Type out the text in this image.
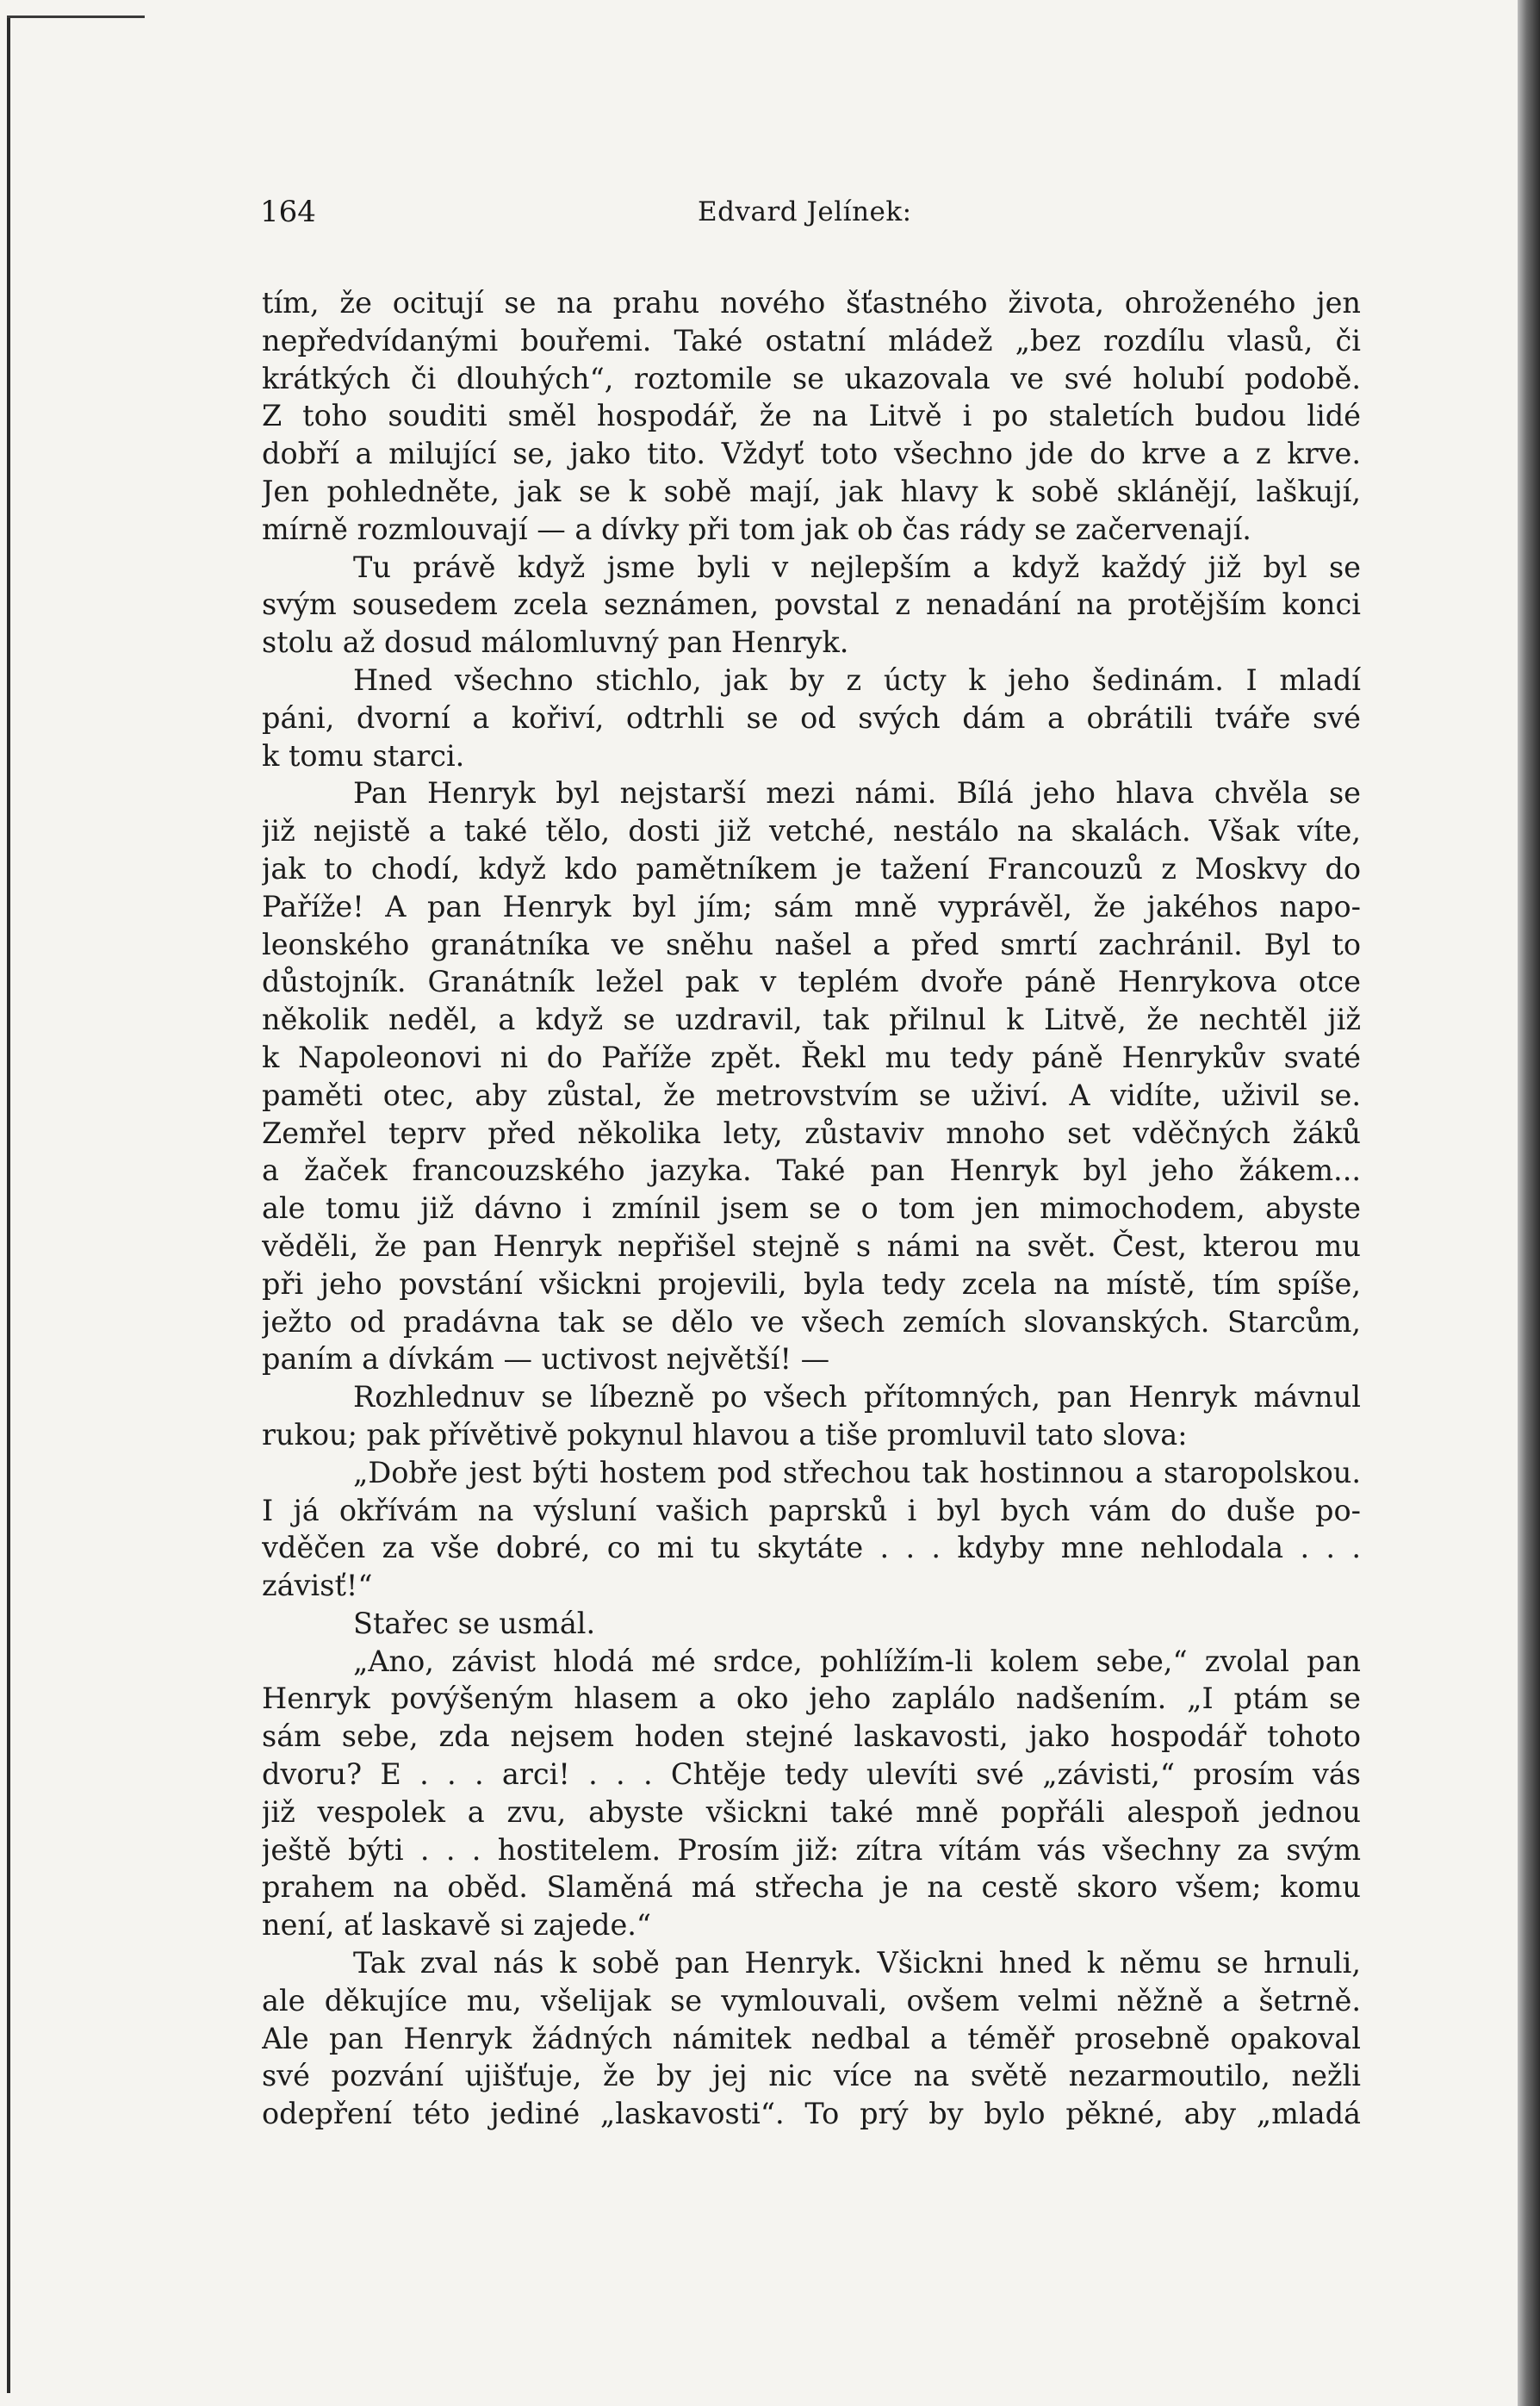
164	Edvard Jelínek:
tím, že ocitují se na prahu nového šťastného života, ohroženého jen
nepředvídanými bouřemi. Také ostatní mládež „bez rozdílu vlasů, či
krátkých či dlouhých“, roztomile se ukazovala ve své holubí podobě.
Z toho souditi směl hospodář, že na Litvě i po staletích budou lidé
dobří a milující se, jako tito. Vždyť toto všechno jde do krve a z krve.
Jen pohledněte, jak se k sobě mají, jak hlavy k sobě sklánějí, laškují,
mírně rozmlouvají — a dívky při tom jak ob čas rády se začervenají.
Tu právě když jsme byli v nejlepším a když každý již byl se
svým sousedem zcela seznámen, povstal z nenadání na protějším konci
stolu až dosud málomluvný pan Henryk.
Hned všechno stichlo, jak by z úcty k jeho šedinám. I mladí
páni, dvorní a kořiví, odtrhli se od svých dám a obrátili tváře své
k tomu starci.
Pan Henryk byl nejstarší mezi námi. Bílá jeho hlava chvěla se
již nejistě a také tělo, dosti již vetché, nestálo na skalách. Však víte,
jak to chodí, když kdo pamětníkem je tažení Francouzů z Moskvy do
Paříže! A pan Henryk byl jím; sám mně vyprávěl, že jakéhos napo-
leonského granátníka ve sněhu našel a před smrtí zachránil. Byl to
důstojník. Granátník ležel pak v teplém dvoře páně Henrykova otce
několik neděl, a když se uzdravil, tak přilnul k Litvě, že nechtěl již
k Napoleonovi ni do Paříže zpět. Řekl mu tedy páně Henrykův svaté
paměti otec, aby zůstal, že metrovstvím se uživí. A vidíte, uživil se.
Zemřel teprv před několika lety, zůstaviv mnoho set vděčných žáků
a žaček francouzského jazyka. Také pan Henryk byl jeho žákem...
ale tomu již dávno i zmínil jsem se o tom jen mimochodem, abyste
věděli, že pan Henryk nepřišel stejně s námi na svět. Čest, kterou mu
při jeho povstání všickni projevili, byla tedy zcela na místě, tím spíše,
ježto od pradávna tak se dělo ve všech zemích slovanských. Starcům,
paním a dívkám — uctivost největší! —
Rozhlednuv se líbezně po všech přítomných, pan Henryk mávnul
rukou; pak přívětivě pokynul hlavou a tiše promluvil tato slova:
„Dobře jest býti hostem pod střechou tak hostinnou a staropolskou.
I já okřívám na výsluní vašich paprsků i byl bych vám do duše po-
vděčen za vše dobré, co mi tu skytáte . . . kdyby mne nehlodala . . .
závisť!“
Stařec se usmál.
„Ano, závist hlodá mé srdce, pohlížím-li kolem sebe,“ zvolal pan
Henryk povýšeným hlasem a oko jeho zaplálo nadšením. „I ptám se
sám sebe, zda nejsem hoden stejné laskavosti, jako hospodář tohoto
dvoru? E . . . arci! . . . Chtěje tedy ulevíti své „závisti,“ prosím vás
již vespolek a zvu, abyste všickni také mně popřáli alespoň jednou
ještě býti . . . hostitelem. Prosím již: zítra vítám vás všechny za svým
prahem na oběd. Slaměná má střecha je na cestě skoro všem; komu
není, ať laskavě si zajede.“
Tak zval nás k sobě pan Henryk. Všickni hned k němu se hrnuli,
ale děkujíce mu, všelijak se vymlouvali, ovšem velmi něžně a šetrně.
Ale pan Henryk žádných námitek nedbal a téměř prosebně opakoval
své pozvání ujišťuje, že by jej nic více na světě nezarmoutilo, nežli
odepření této jediné „laskavosti“. To prý by bylo pěkné, aby „mladá
